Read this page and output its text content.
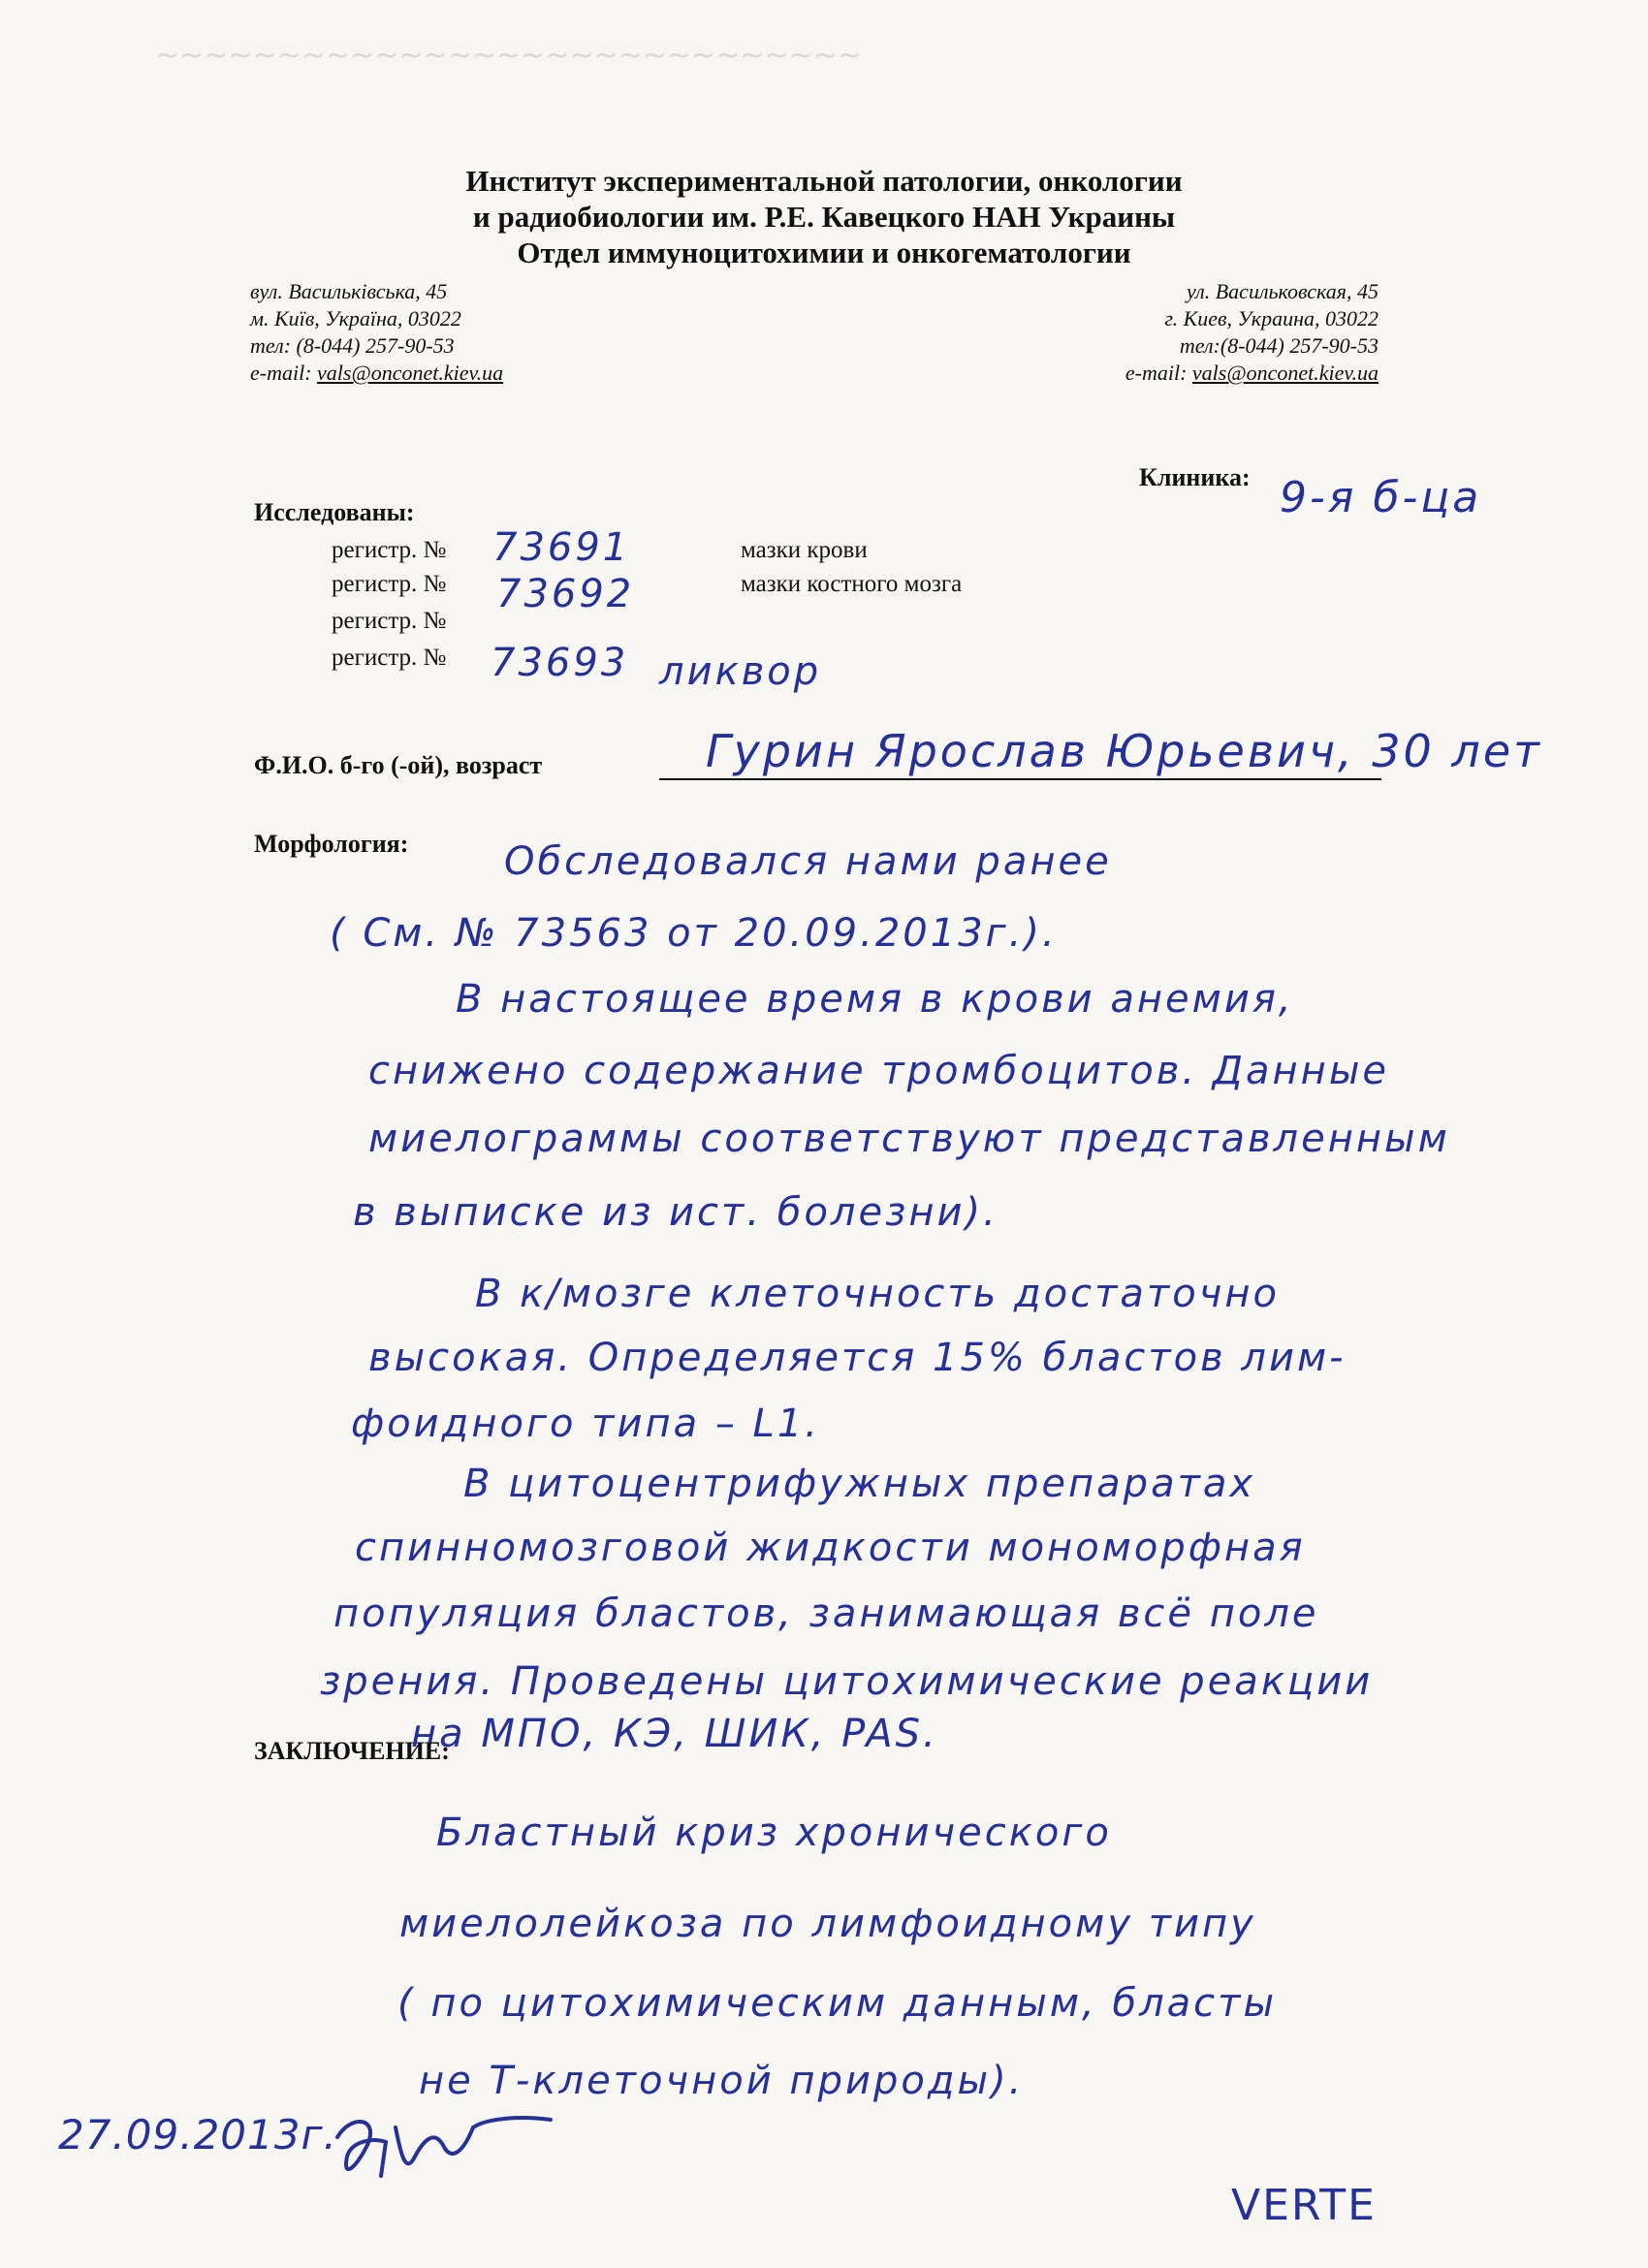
~~~~~~~~~~~~~~~~~~~~~~~~~~~~~
Институт экспериментальной патологии, онкологии
и радиобиологии им. Р.Е. Кавецкого НАН Украины
Отдел иммуноцитохимии и онкогематологии
вул. Васильківська, 45
м. Київ, Україна, 03022
тел: (8-044) 257-90-53
e-mail: vals@onconet.kiev.ua
ул. Васильковская, 45
г. Киев, Украина, 03022
тел:(8-044) 257-90-53
e-mail: vals@onconet.kiev.ua
Клиника: 9-я б-ца
Исследованы:
регистр. № 73691	мазки крови
регистр. № 73692	мазки костного мозга
регистр. №
регистр. № 73693 ликвор
Ф.И.О. б-го (-ой), возраст	Гурин Ярослав Юрьевич, 30 лет
Морфология: Обследовался нами ранее
( См. № 73563 от 20.09.2013г.).
В настоящее время в крови анемия,
снижено содержание тромбоцитов. Данные
миелограммы соответствуют представленным
в выписке из ист. болезни).
В к/мозге клеточность достаточно
высокая. Определяется 15% бластов лим-
фоидного типа – L1.
В цитоцентрифужных препаратах
спинномозговой жидкости мономорфная
популяция бластов, занимающая всё поле
зрения. Проведены цитохимические реакции
на МПО, КЭ, ШИК, PAS.
ЗАКЛЮЧЕНИЕ:
Бластный криз хронического
миелолейкоза по лимфоидному типу
( по цитохимическим данным, бласты
не Т-клеточной природы).
27.09.2013г.
VERTE
